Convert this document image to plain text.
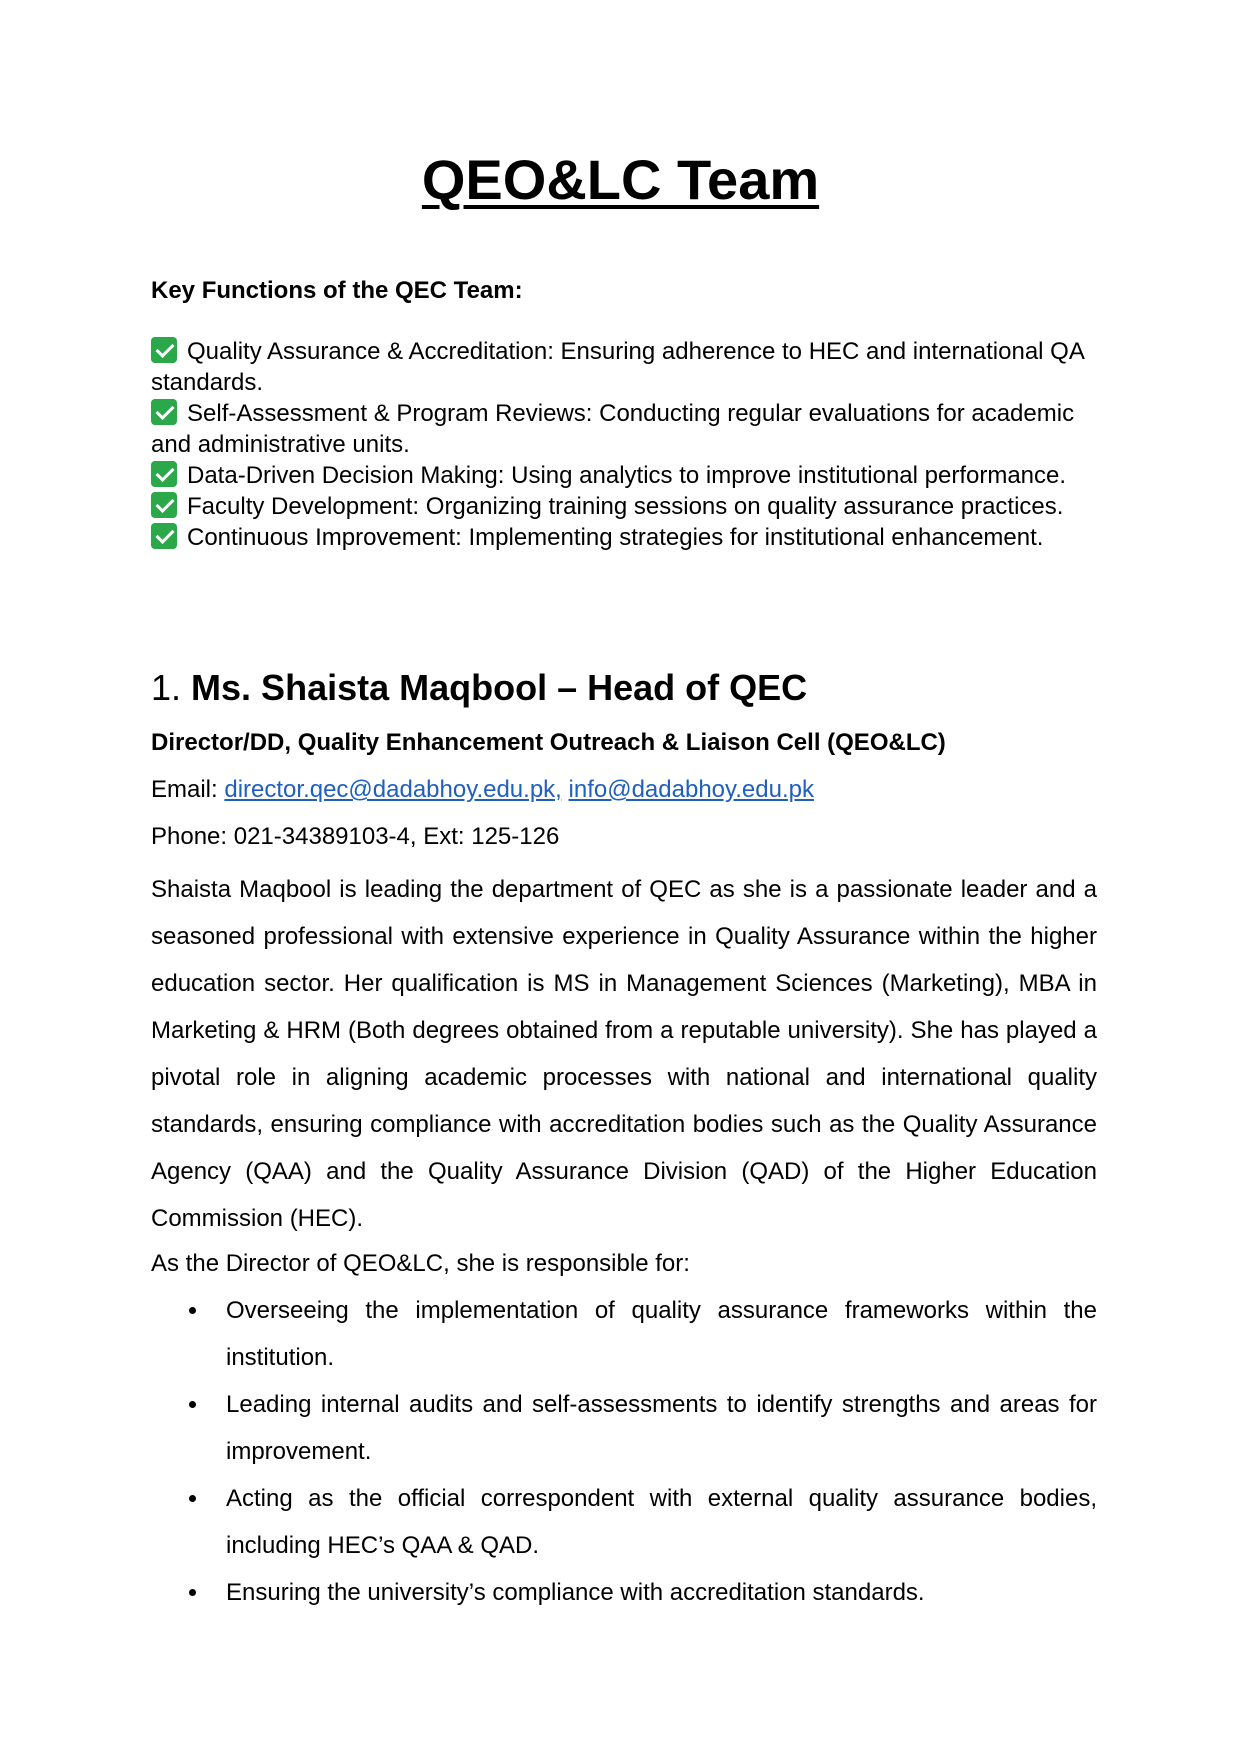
QEO&LC Team
Key Functions of the QEC Team:

Quality Assurance & Accreditation: Ensuring adherence to HEC and international QA standards.

Self-Assessment & Program Reviews: Conducting regular evaluations for academic and administrative units.

Data-Driven Decision Making: Using analytics to improve institutional performance.

Faculty Development: Organizing training sessions on quality assurance practices.

Continuous Improvement: Implementing strategies for institutional enhancement.

1. Ms. Shaista Maqbool – Head of QEC
Director/DD, Quality Enhancement Outreach & Liaison Cell (QEO&LC)
Email: director.qec@dadabhoy.edu.pk, info@dadabhoy.edu.pk
Phone: 021-34389103-4, Ext: 125-126

Shaista Maqbool is leading the department of QEC as she is a passionate leader and a seasoned professional with extensive experience in Quality Assurance within the higher education sector. Her qualification is MS in Management Sciences (Marketing), MBA in Marketing & HRM (Both degrees obtained from a reputable university). She has played a pivotal role in aligning academic processes with national and international quality standards, ensuring compliance with accreditation bodies such as the Quality Assurance Agency (QAA) and the Quality Assurance Division (QAD) of the Higher Education Commission (HEC).

As the Director of QEO&LC, she is responsible for:
Overseeing the implementation of quality assurance frameworks within the institution.
Leading internal audits and self-assessments to identify strengths and areas for improvement.
Acting as the official correspondent with external quality assurance bodies, including HEC’s QAA & QAD.
Ensuring the university’s compliance with accreditation standards.
